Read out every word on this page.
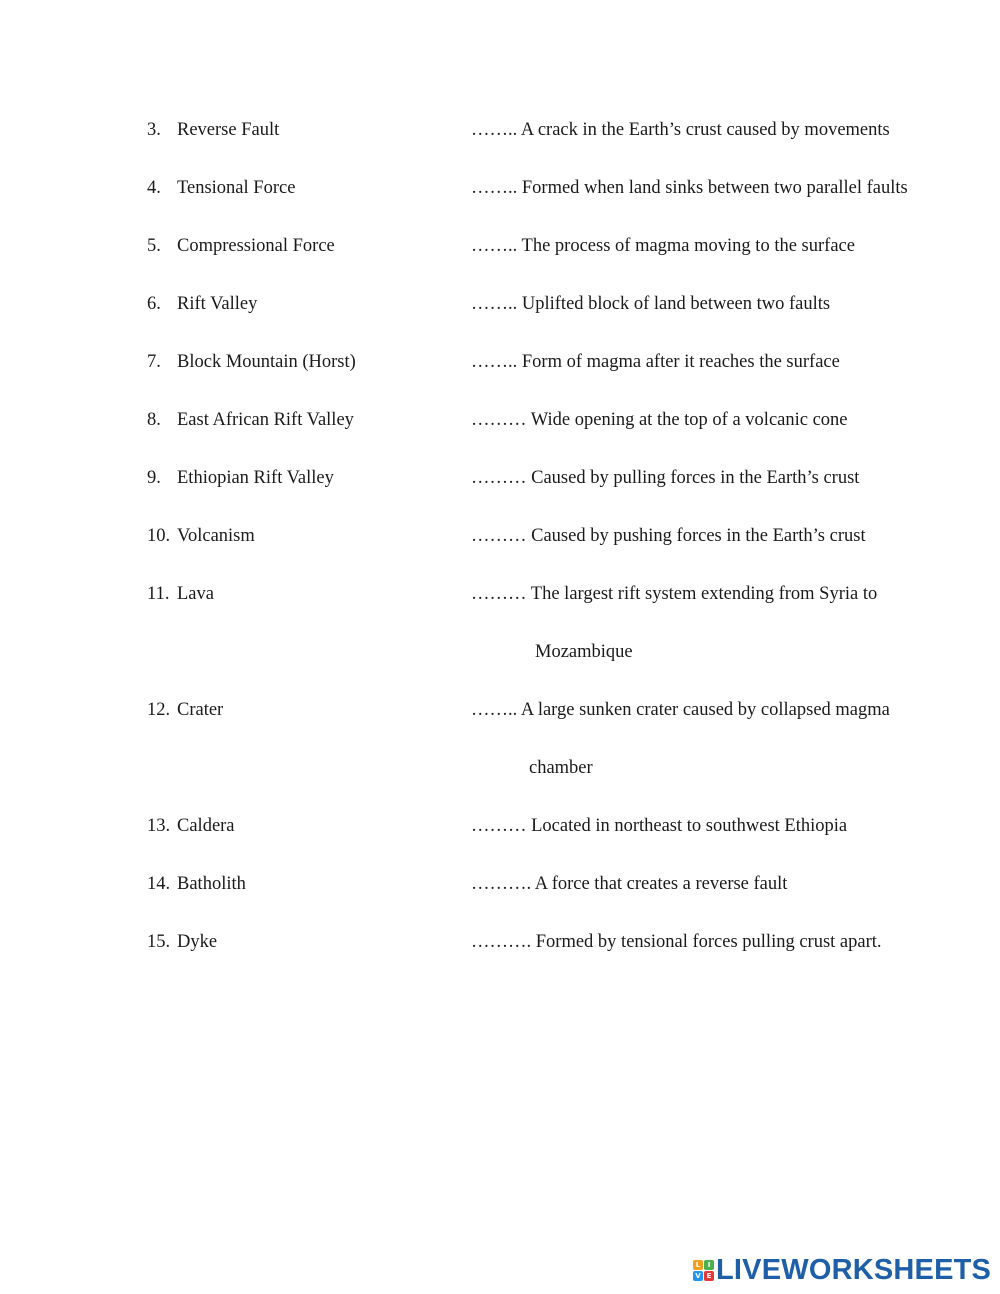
3. Reverse Fault	…….. A crack in the Earth’s crust caused by movements
4. Tensional Force	…….. Formed when land sinks between two parallel faults
5. Compressional Force	…….. The process of magma moving to the surface
6. Rift Valley	…….. Uplifted block of land between two faults
7. Block Mountain (Horst)	…….. Form of magma after it reaches the surface
8. East African Rift Valley	……… Wide opening at the top of a volcanic cone
9. Ethiopian Rift Valley	……… Caused by pulling forces in the Earth’s crust
10. Volcanism	……… Caused by pushing forces in the Earth’s crust
11. Lava	……… The largest rift system extending from Syria to
Mozambique
12. Crater	…….. A large sunken crater caused by collapsed magma
chamber
13. Caldera	……… Located in northeast to southwest Ethiopia
14. Batholith	………. A force that creates a reverse fault
15. Dyke	………. Formed by tensional forces pulling crust apart.
L	I
V E LIVEWORKSHEETS
